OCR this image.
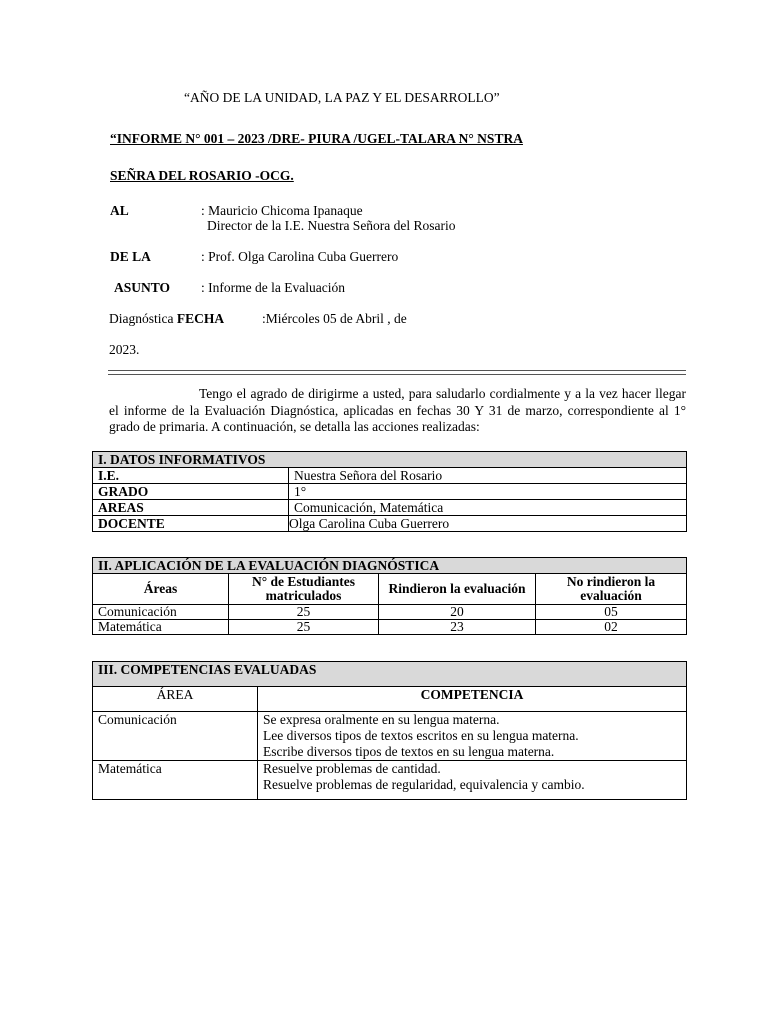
“AÑO DE LA UNIDAD, LA PAZ Y EL DESARROLLO”
“INFORME N° 001 – 2023 /DRE- PIURA /UGEL-TALARA N° NSTRA
SEÑRA DEL ROSARIO -OCG.
AL	: Mauricio Chicoma Ipanaque
Director de la I.E. Nuestra Señora del Rosario
DE LA	: Prof. Olga Carolina Cuba Guerrero
ASUNTO : Informe de la Evaluación
Diagnóstica FECHA	:Miércoles 05 de Abril , de
2023.
Tengo el agrado de dirigirme a usted, para saludarlo cordialmente y a la vez hacer llegar el informe de la Evaluación Diagnóstica, aplicadas en fechas 30 Y 31 de marzo, correspondiente al 1° grado de primaria. A continuación, se detalla las acciones realizadas:
I. DATOS INFORMATIVOS	
I.E.	Nuestra Señora del Rosario
GRADO	1°
AREAS	Comunicación, Matemática
DOCENTE	Olga Carolina Cuba Guerrero
II. APLICACIÓN DE LA EVALUACIÓN DIAGNÓSTICA			
Áreas	N° de Estudiantes matriculados	Rindieron la evaluación	No rindieron la evaluación
Comunicación	25	20	05
Matemática	25	23	02
III. COMPETENCIAS EVALUADAS	
ÁREA	COMPETENCIA
Comunicación	Se expresa oralmente en su lengua materna.
Lee diversos tipos de textos escritos en su lengua materna.
Escribe diversos tipos de textos en su lengua materna.

Matemática	Resuelve problemas de cantidad.
Resuelve problemas de regularidad, equivalencia y cambio.
